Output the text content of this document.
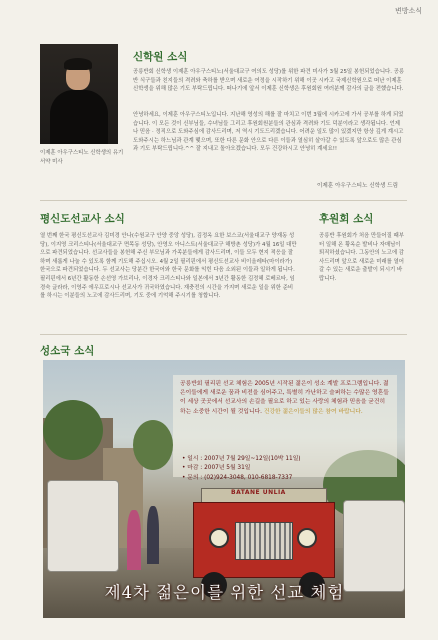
변방소식
이제훈 아우구스티노 신학생의 유기 서약 미사
신학원 소식

공릉반회 신학생 이제훈 아우구스티노(서울대교구 여의도 성당)를 위한 파견 미사가 3월 25일 봉헌되었습니다. 공릉반 식구들과 친지들의 격려와 축하를 받으며 새로운 여정을 시작하기 위해 이곳 시카고 국제신학원으로 떠난 이제훈 신학생을 위해 많은 기도 부탁드립니다. 떠나기에 앞서 이제훈 신학생은 후원회원 여러분께 감사의 글을 전했습니다.

안녕하세요, 이제훈 아우구스티노입니다. 지난해 영성의 해를 잘 마치고 이번 3월에 시카고에 가서 공부를 하게 되었습니다. 이 모든 것이 신부님들, 수녀님들 그리고 후원회원분들의 관심과 격려와 기도 덕분이라고 생각됩니다. 언제나 믿음 · 정직으로 도와주심에 감사드리며, 저 역시 기도드리겠습니다. 어려운 일도 많이 있겠지만 항상 깊게 계시고 도와주시는 하느님과 관계 맺으며, 또한 다른 문화 안으로 다른 이들과 열심히 살아갈 수 있도록 앞으로도 많은 관심과 기도 부탁드립니다.^^ 잘 지내고 돌아오겠습니다. 모두 건강하시고 안녕히 계세요!!

이제훈 아우구스티노 신학생 드림
평신도선교사 소식

열 번째 한국 평신도선교사 김미경 안나(수원교구 안양 중앙 성당), 김정옥 요한 보스코(서울대교구 양재동 성당), 이지영 크리스티나(서울대교구 면목동 성당), 안영오 아니스트(서울대교구 해방촌 성당)가 4월 16일 대만으로 파견되었습니다. 선교사들을 봉헌해 주신 부모님과 가족분들에게 감사드리며, 이들 모두 현지 적응을 잘하며 새롭게 나눌 수 있도록 함께 기도해 주십시오. 4월 2일 필리핀에서 평신도선교사 비이올레타(마이라가) 한국으로 파견되었습니다. 두 선교사는 당분간 한국어와 한국 문화를 익힌 다음 소외된 이들과 일하게 됩니다. 필리핀에서 6년간 활동한 손선영 가브리나, 이경자 크리스티나와 일본에서 3년간 활동한 김정혜 로베르타, 임경숙 글라라, 이영주 에우프로시나 선교사가 귀국하였습니다. 재충전의 시간을 가지며 새로운 일을 위한 준비를 하시는 이분들의 노고에 감사드리며, 기도 중에 기억해 주시기를 청합니다.

후원회 소식

공릉반 후원회가 처음 만들어질 때부터 일해 온 황옥순 발비나 자매님이 퇴직하셨습니다. 그동안의 노고에 감사드리며 앞으로 새로운 미래를 열어갈 수 있는 새로운 출발이 되시기 바랍니다.

성소국 소식
BATANE UNLIA

공릉반회 필리핀 선교 체험은 2005년 시작된 젊은이 성소 계발 프로그램입니다. 젊은이들에게 새로운 꿈과 비전을 심어주고, 특별히 가난하고 슬퍼하는 수많은 영혼들이 세상 곳곳에서 선교사의 손길을 필요로 하고 있는 사랑의 체험과 믿음을 굳건히 하는 소중한 시간이 될 것입니다. 건강한 젊은이들의 많은 참여 바랍니다.

• 일시 : 2007년 7월 29일~12일(10박 11일)
• 마감 : 2007년 5월 31일
• 문의 : (02)924-3048, 010-6818-7337
제4차 젊은이를 위한 선교 체험
